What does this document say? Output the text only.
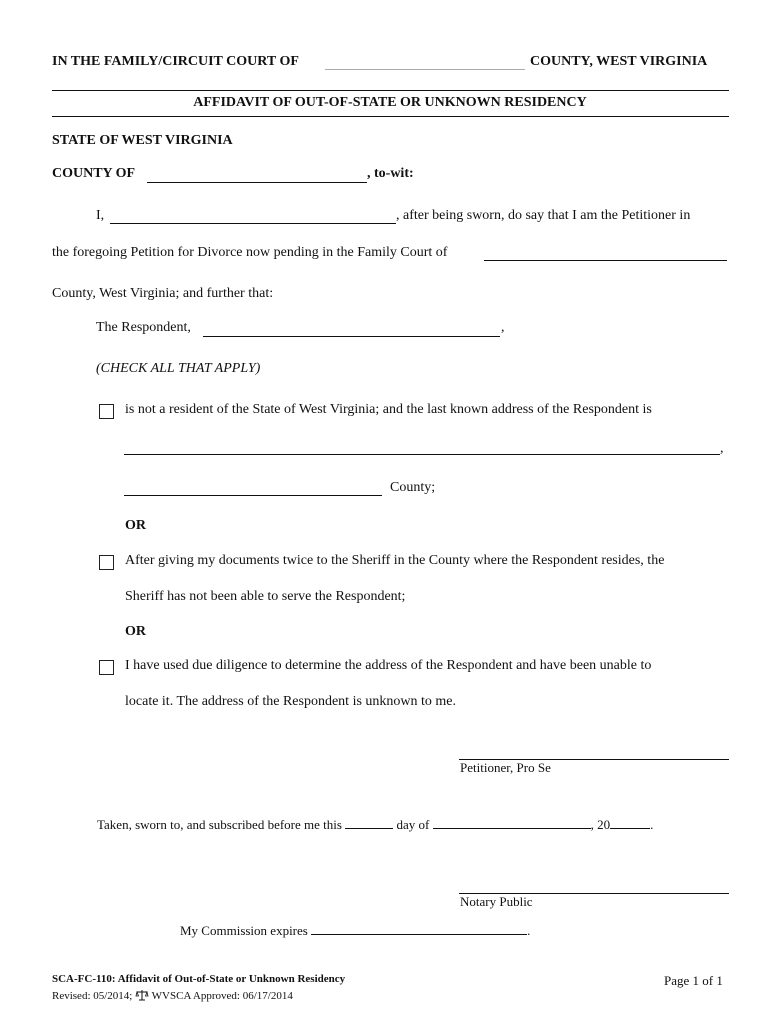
IN THE FAMILY/CIRCUIT COURT OF	COUNTY, WEST VIRGINIA
AFFIDAVIT OF OUT-OF-STATE OR UNKNOWN RESIDENCY
STATE OF WEST VIRGINIA
COUNTY OF	, to-wit:
I,	, after being sworn, do say that I am the Petitioner in
the foregoing Petition for Divorce now pending in the Family Court of
County, West Virginia; and further that:
The Respondent,	,
(CHECK ALL THAT APPLY)
is not a resident of the State of West Virginia; and the last known address of the Respondent is
,
County;
OR
After giving my documents twice to the Sheriff in the County where the Respondent resides, the
Sheriff has not been able to serve the Respondent;
OR
I have used due diligence to determine the address of the Respondent and have been unable to
locate it. The address of the Respondent is unknown to me.
Petitioner, Pro Se
Taken, sworn to, and subscribed before me this	day of	, 20	.
Notary Public
My Commission expires	.
SCA-FC-110: Affidavit of Out-of-State or Unknown Residency
Revised: 05/2014; WVSCA Approved: 06/17/2014
Page 1 of 1
